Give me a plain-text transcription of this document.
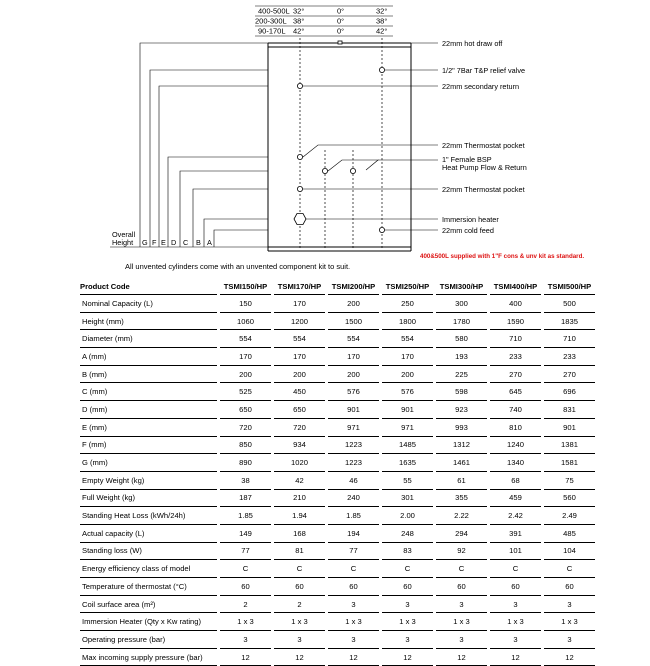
400-500L 32°	0°	32°
200-300L 38°	0°	38°
90-170L 42°	0°	42°
22mm hot draw off
1/2" 7Bar T&P relief valve
22mm secondary return
22mm Thermostat pocket
1" Female BSP
Heat Pump Flow & Return
22mm Thermostat pocket
Immersion heater
22mm cold feed
Overall
Height G F E D C B A
400&500L supplied with 1"F cons & unv kit as standard.
All unvented cylinders come with an unvented component kit to suit.
Product Code		TSMI150/HP		TSMI170/HP		TSMI200/HP		TSMI250/HP		TSMI300/HP		TSMI400/HP		TSMI500/HP
Nominal Capacity (L)		150		170		200		250		300		400		500
Height (mm)		1060		1200		1500		1800		1780		1590		1835
Diameter (mm)		554		554		554		554		580		710		710
A (mm)		170		170		170		170		193		233		233
B (mm)		200		200		200		200		225		270		270
C (mm)		525		450		576		576		598		645		696
D (mm)		650		650		901		901		923		740		831
E (mm)		720		720		971		971		993		810		901
F (mm)		850		934		1223		1485		1312		1240		1381
G (mm)		890		1020		1223		1635		1461		1340		1581
Empty Weight (kg)		38		42		46		55		61		68		75
Full Weight (kg)		187		210		240		301		355		459		560
Standing Heat Loss (kWh/24h)		1.85		1.94		1.85		2.00		2.22		2.42		2.49
Actual capacity (L)		149		168		194		248		294		391		485
Standing loss (W)		77		81		77		83		92		101		104
Energy efficiency class of model		C		C		C		C		C		C		C
Temperature of thermostat (°C)		60		60		60		60		60		60		60
Coil surface area (m²)		2		2		3		3		3		3		3
Immersion Heater (Qty x Kw rating)		1 x 3		1 x 3		1 x 3		1 x 3		1 x 3		1 x 3		1 x 3
Operating pressure (bar)		3		3		3		3		3		3		3
Max incoming supply pressure (bar)		12		12		12		12		12		12		12
